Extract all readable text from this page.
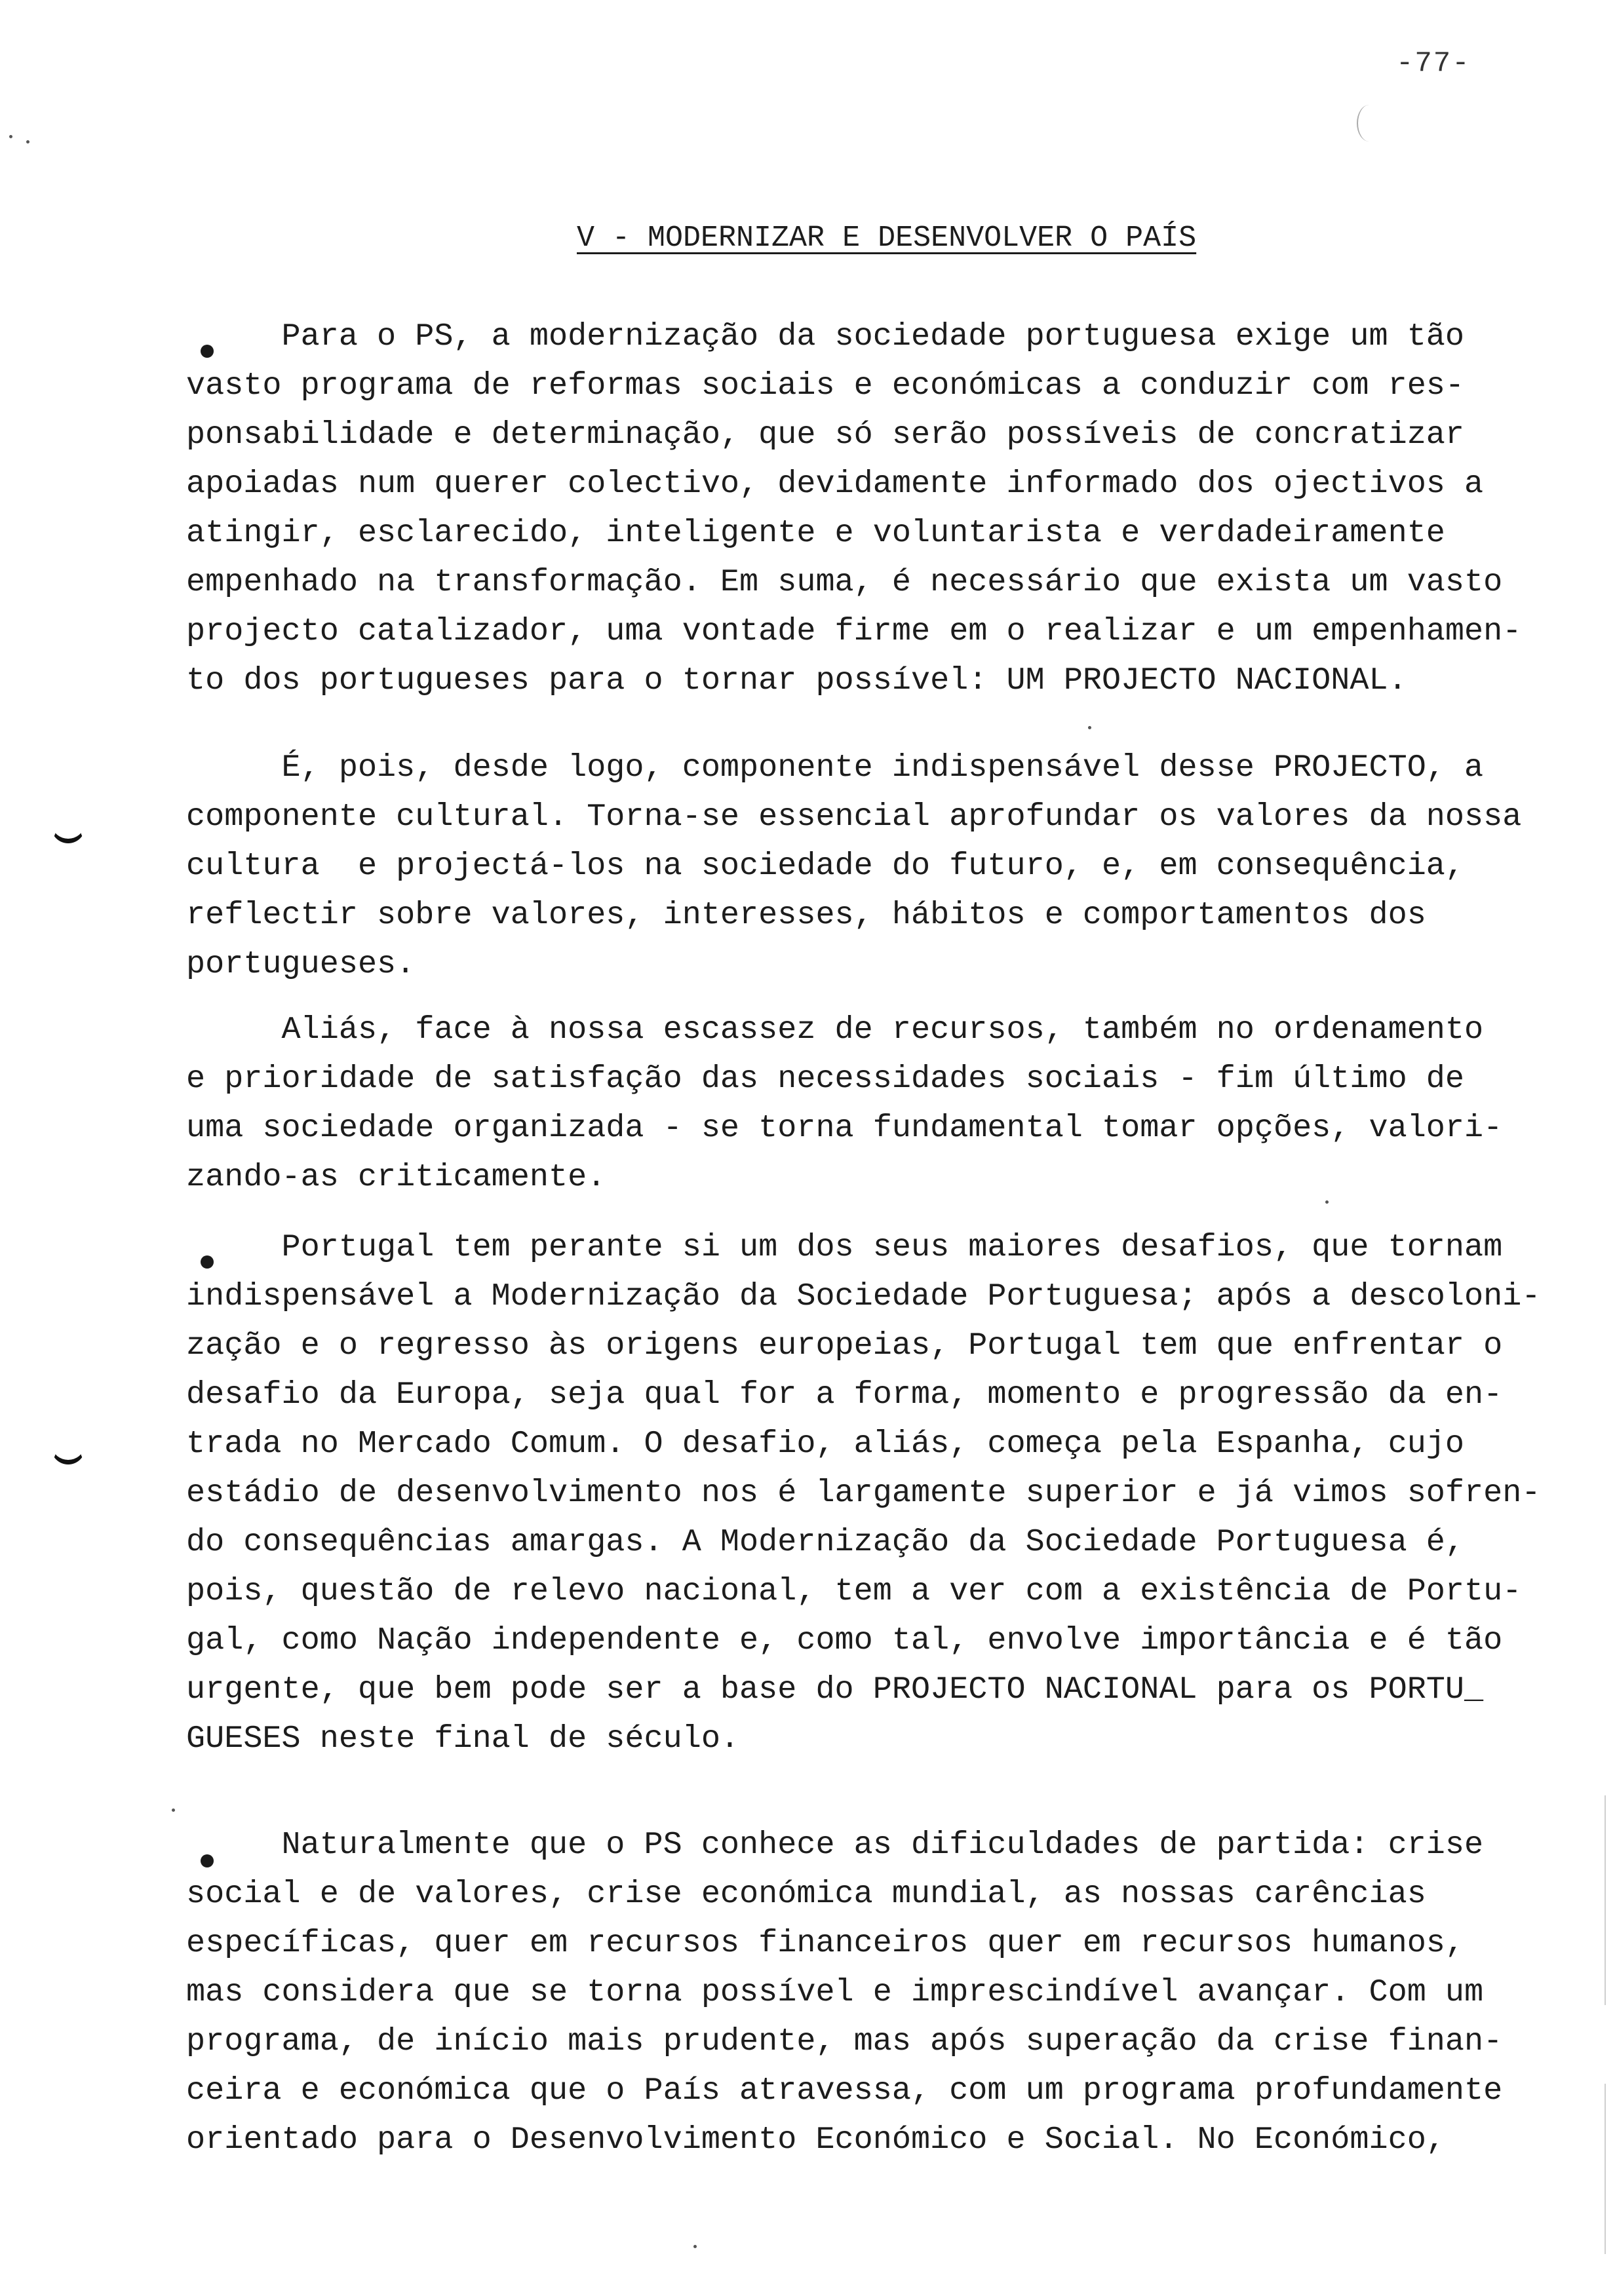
-77-
V - MODERNIZAR E DESENVOLVER O PAÍS

Para o PS, a modernização da sociedade portuguesa exige um tão
vasto programa de reformas sociais e económicas a conduzir com res-
ponsabilidade e determinação, que só serão possíveis de concratizar
apoiadas num querer colectivo, devidamente informado dos ojectivos a
atingir, esclarecido, inteligente e voluntarista e verdadeiramente
empenhado na transformação. Em suma, é necessário que exista um vasto
projecto catalizador, uma vontade firme em o realizar e um empenhamen-
to dos portugueses para o tornar possível: UM PROJECTO NACIONAL.

É, pois, desde logo, componente indispensável desse PROJECTO, a
componente cultural. Torna-se essencial aprofundar os valores da nossa
cultura  e projectá-los na sociedade do futuro, e, em consequência,
reflectir sobre valores, interesses, hábitos e comportamentos dos
portugueses.

Aliás, face à nossa escassez de recursos, também no ordenamento
e prioridade de satisfação das necessidades sociais - fim último de
uma sociedade organizada - se torna fundamental tomar opções, valori-
zando-as criticamente.

Portugal tem perante si um dos seus maiores desafios, que tornam
indispensável a Modernização da Sociedade Portuguesa; após a descoloni-
zação e o regresso às origens europeias, Portugal tem que enfrentar o
desafio da Europa, seja qual for a forma, momento e progressão da en-
trada no Mercado Comum. O desafio, aliás, começa pela Espanha, cujo
estádio de desenvolvimento nos é largamente superior e já vimos sofren-
do consequências amargas. A Modernização da Sociedade Portuguesa é,
pois, questão de relevo nacional, tem a ver com a existência de Portu-
gal, como Nação independente e, como tal, envolve importância e é tão
urgente, que bem pode ser a base do PROJECTO NACIONAL para os PORTU_
GUESES neste final de século.

Naturalmente que o PS conhece as dificuldades de partida: crise
social e de valores, crise económica mundial, as nossas carências
específicas, quer em recursos financeiros quer em recursos humanos,
mas considera que se torna possível e imprescindível avançar. Com um
programa, de início mais prudente, mas após superação da crise finan-
ceira e económica que o País atravessa, com um programa profundamente
orientado para o Desenvolvimento Económico e Social. No Económico,
